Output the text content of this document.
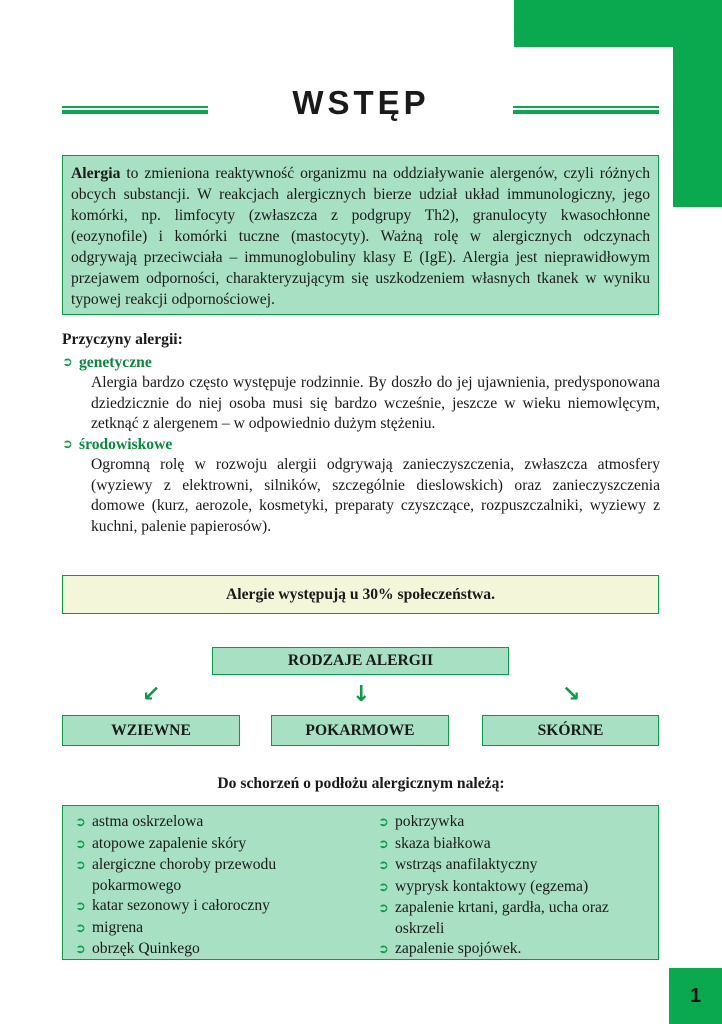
WSTĘP
Alergia to zmieniona reaktywność organizmu na oddziaływanie alergenów, czyli różnych obcych substancji. W reakcjach alergicznych bierze udział układ immunologiczny, jego komórki, np. limfocyty (zwłaszcza z podgrupy Th2), granulocyty kwasochłonne (eozynofile) i komórki tuczne (mastocyty). Ważną rolę w alergicznych odczynach odgrywają przeciwciała – immunoglobuliny klasy E (IgE). Alergia jest nieprawidłowym przejawem odporności, charakteryzującym się uszkodzeniem własnych tkanek w wyniku typowej reakcji odpornościowej.
Przyczyny alergii:
➲ genetyczne
Alergia bardzo często występuje rodzinnie. By doszło do jej ujawnienia, predysponowana dziedzicznie do niej osoba musi się bardzo wcześnie, jeszcze w wieku niemowlęcym, zetknąć z alergenem – w odpowiednio dużym stężeniu.
➲ środowiskowe
Ogromną rolę w rozwoju alergii odgrywają zanieczyszczenia, zwłaszcza atmosfery (wyziewy z elektrowni, silników, szczególnie dieslowskich) oraz zanieczyszczenia domowe (kurz, aerozole, kosmetyki, preparaty czyszczące, rozpuszczalniki, wyziewy z kuchni, palenie papierosów).
Alergie występują u 30% społeczeństwa.
RODZAJE ALERGII
↙	↓	↘
WZIEWNE	POKARMOWE	SKÓRNE
Do schorzeń o podłożu alergicznym należą:
➲ astma oskrzelowa
➲ atopowe zapalenie skóry
➲ alergiczne choroby przewodu pokarmowego
➲ katar sezonowy i całoroczny
➲ migrena
➲ obrzęk Quinkego
➲ pokrzywka
➲ skaza białkowa
➲ wstrząs anafilaktyczny
➲ wyprysk kontaktowy (egzema)
➲ zapalenie krtani, gardła, ucha oraz oskrzeli
➲ zapalenie spojówek.
1
